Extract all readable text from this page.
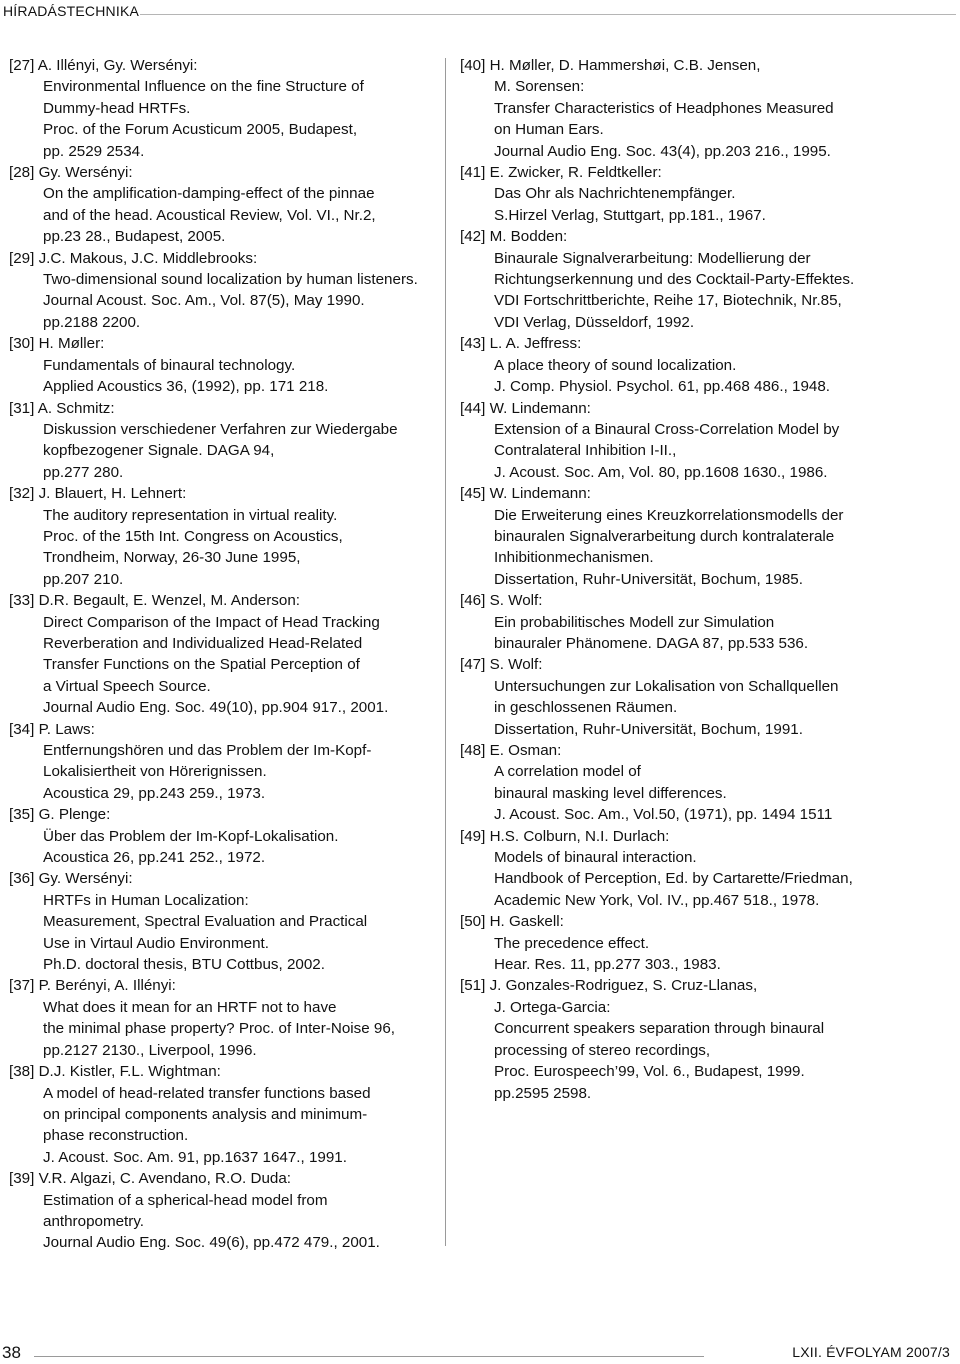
HÍRADÁSTECHNIKA
[27] A. Illényi, Gy. Wersényi:
Environmental Influence on the fine Structure of
Dummy-head HRTFs.
Proc. of the Forum Acusticum 2005, Budapest,
pp. 2529 2534.
[28] Gy. Wersényi:
On the amplification-damping-effect of the pinnae
and of the head. Acoustical Review, Vol. VI., Nr.2,
pp.23 28., Budapest, 2005.
[29] J.C. Makous, J.C. Middlebrooks:
Two-dimensional sound localization by human listeners.
Journal Acoust. Soc. Am., Vol. 87(5), May 1990.
pp.2188 2200.
[30] H. Møller:
Fundamentals of binaural technology.
Applied Acoustics 36, (1992), pp. 171 218.
[31] A. Schmitz:
Diskussion verschiedener Verfahren zur Wiedergabe
kopfbezogener Signale. DAGA 94,
pp.277 280.
[32] J. Blauert, H. Lehnert:
The auditory representation in virtual reality.
Proc. of the 15th Int. Congress on Acoustics,
Trondheim, Norway, 26-30 June 1995,
pp.207 210.
[33] D.R. Begault, E. Wenzel, M. Anderson:
Direct Comparison of the Impact of Head Tracking
Reverberation and Individualized Head-Related
Transfer Functions on the Spatial Perception of
a Virtual Speech Source.
Journal Audio Eng. Soc. 49(10), pp.904 917., 2001.
[34] P. Laws:
Entfernungshören und das Problem der Im-Kopf-
Lokalisiertheit von Hörerignissen.
Acoustica 29, pp.243 259., 1973.
[35] G. Plenge:
Über das Problem der Im-Kopf-Lokalisation.
Acoustica 26, pp.241 252., 1972.
[36] Gy. Wersényi:
HRTFs in Human Localization:
Measurement, Spectral Evaluation and Practical
Use in Virtaul Audio Environment.
Ph.D. doctoral thesis, BTU Cottbus, 2002.
[37] P. Berényi, A. Illényi:
What does it mean for an HRTF not to have
the minimal phase property? Proc. of Inter-Noise 96,
pp.2127 2130., Liverpool, 1996.
[38] D.J. Kistler, F.L. Wightman:
A model of head-related transfer functions based
on principal components analysis and minimum-
phase reconstruction.
J. Acoust. Soc. Am. 91, pp.1637 1647., 1991.
[39] V.R. Algazi, C. Avendano, R.O. Duda:
Estimation of a spherical-head model from
anthropometry.
Journal Audio Eng. Soc. 49(6), pp.472 479., 2001.
[40] H. Møller, D. Hammershøi, C.B. Jensen,
M. Sorensen:
Transfer Characteristics of Headphones Measured
on Human Ears.
Journal Audio Eng. Soc. 43(4), pp.203 216., 1995.
[41] E. Zwicker, R. Feldtkeller:
Das Ohr als Nachrichtenempfänger.
S.Hirzel Verlag, Stuttgart, pp.181., 1967.
[42] M. Bodden:
Binaurale Signalverarbeitung: Modellierung der
Richtungserkennung und des Cocktail-Party-Effektes.
VDI Fortschrittberichte, Reihe 17, Biotechnik, Nr.85,
VDI Verlag, Düsseldorf, 1992.
[43] L. A. Jeffress:
A place theory of sound localization.
J. Comp. Physiol. Psychol. 61, pp.468 486., 1948.
[44] W. Lindemann:
Extension of a Binaural Cross-Correlation Model by
Contralateral Inhibition I-II.,
J. Acoust. Soc. Am, Vol. 80, pp.1608 1630., 1986.
[45] W. Lindemann:
Die Erweiterung eines Kreuzkorrelationsmodells der
binauralen Signalverarbeitung durch kontralaterale
Inhibitionmechanismen.
Dissertation, Ruhr-Universität, Bochum, 1985.
[46] S. Wolf:
Ein probabilitisches Modell zur Simulation
binauraler Phänomene. DAGA 87, pp.533 536.
[47] S. Wolf:
Untersuchungen zur Lokalisation von Schallquellen
in geschlossenen Räumen.
Dissertation, Ruhr-Universität, Bochum, 1991.
[48] E. Osman:
A correlation model of
binaural masking level differences.
J. Acoust. Soc. Am., Vol.50, (1971), pp. 1494 1511
[49] H.S. Colburn, N.I. Durlach:
Models of binaural interaction.
Handbook of Perception, Ed. by Cartarette/Friedman,
Academic New York, Vol. IV., pp.467 518., 1978.
[50] H. Gaskell:
The precedence effect.
Hear. Res. 11, pp.277 303., 1983.
[51] J. Gonzales-Rodriguez, S. Cruz-Llanas,
J. Ortega-Garcia:
Concurrent speakers separation through binaural
processing of stereo recordings,
Proc. Eurospeech’99, Vol. 6., Budapest, 1999.
pp.2595 2598.
38	LXII. ÉVFOLYAM 2007/3
